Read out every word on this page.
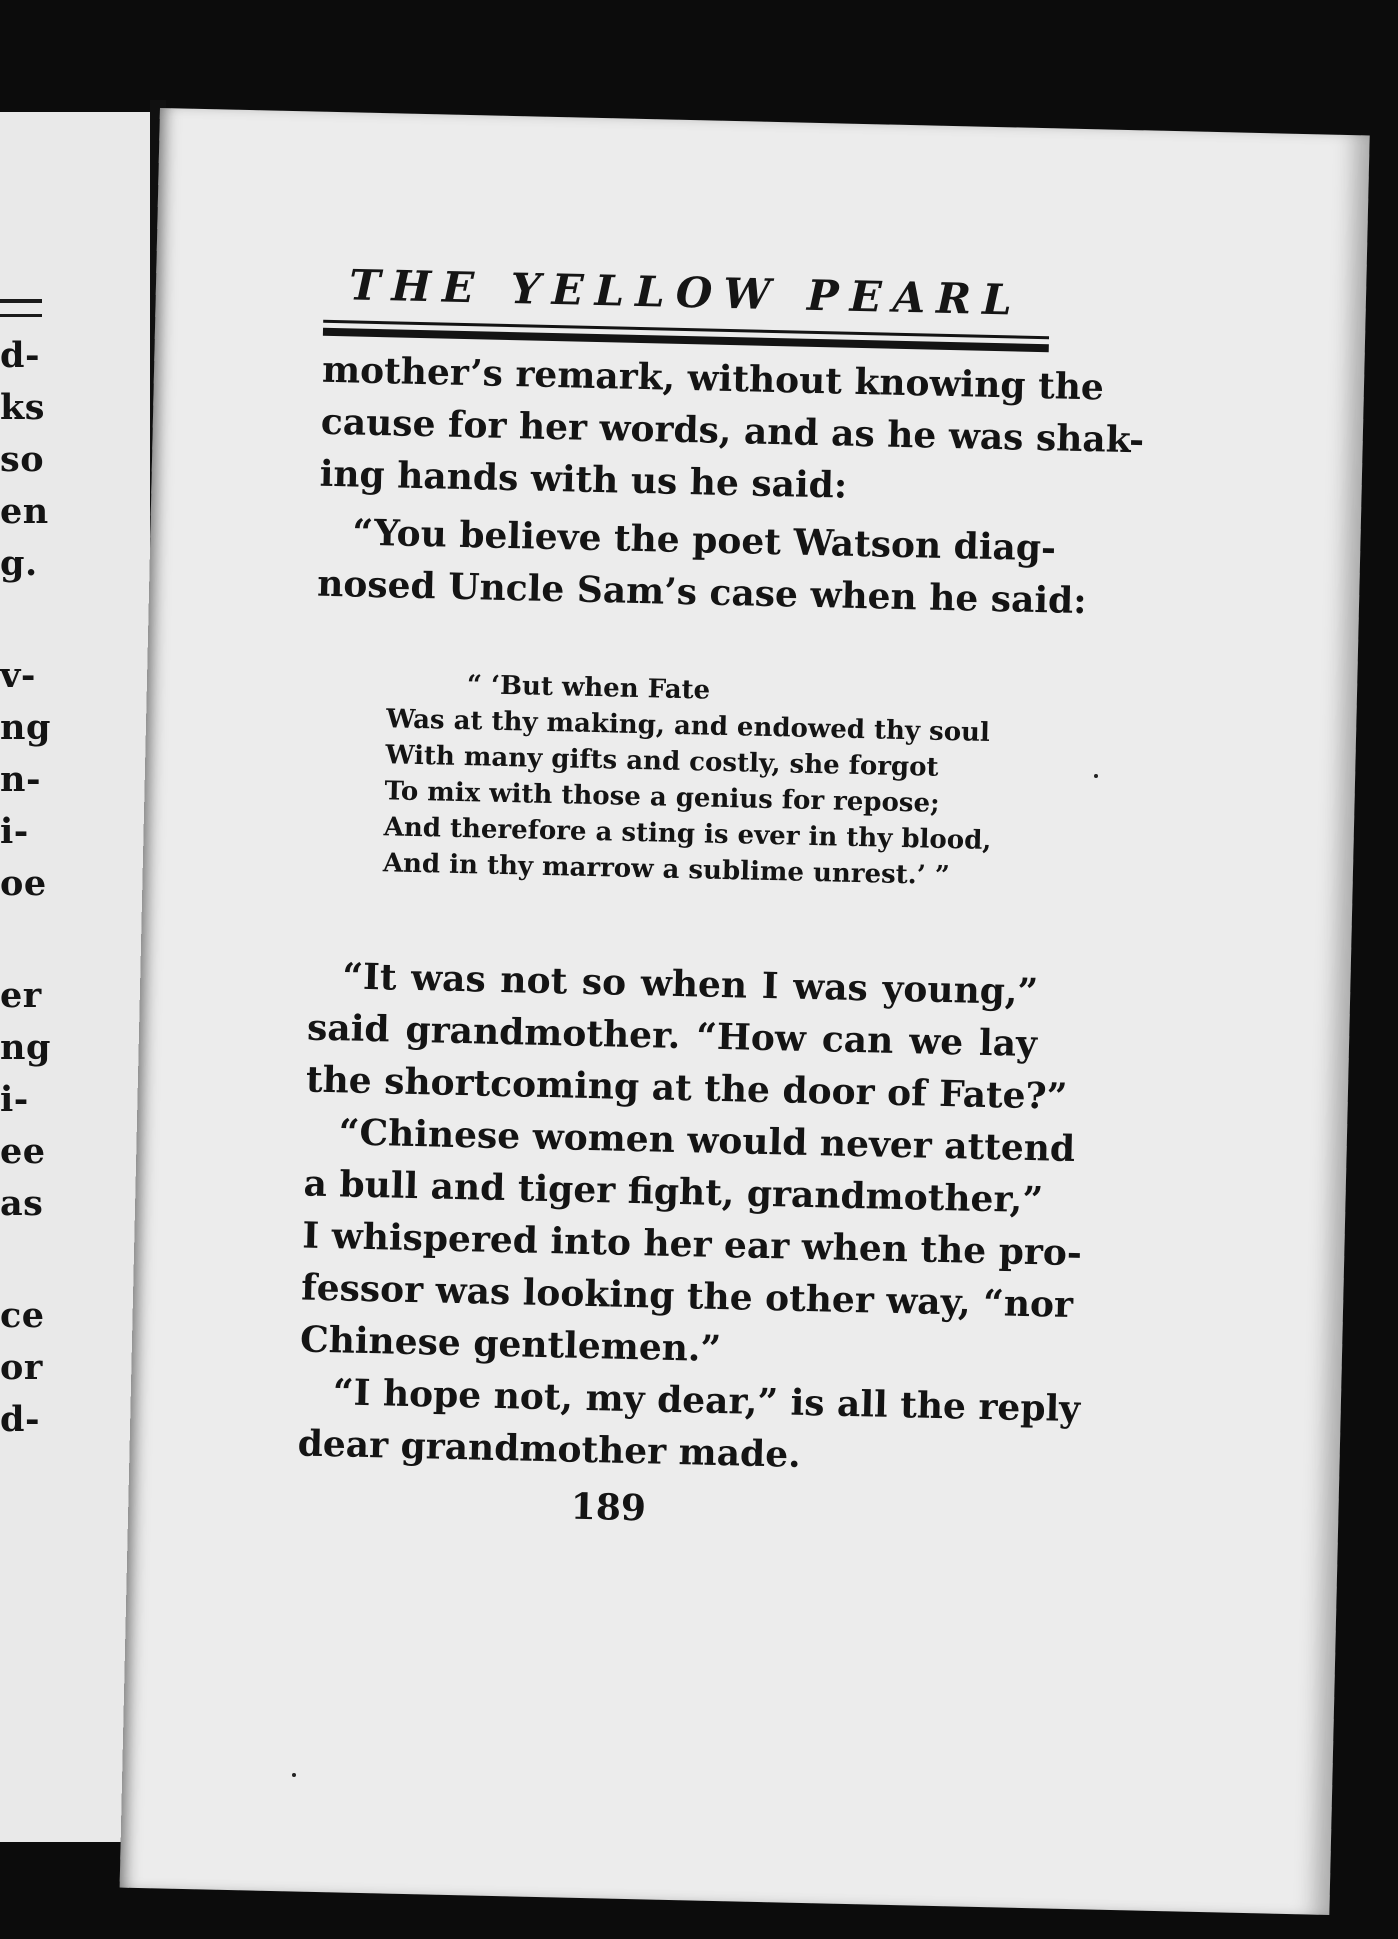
d-
ks
so
en
g.
v-
ng
n-
i-
oe
er
ng
i-
ee
as
ce
or
d-
THE YELLOW PEARL
mother’s remark, without knowing the
cause for her words, and as he was shak-
ing hands with us he said:
“You believe the poet Watson diag-
nosed Uncle Sam’s case when he said:
“ ‘But when Fate
Was at thy making, and endowed thy soul
With many gifts and costly, she forgot
To mix with those a genius for repose;
And therefore a sting is ever in thy blood,
And in thy marrow a sublime unrest.’ ”
“It was not so when I was young,”
said grandmother. “How can we lay
the shortcoming at the door of Fate?”
“Chinese women would never attend
a bull and tiger fight, grandmother,”
I whispered into her ear when the pro-
fessor was looking the other way, “nor
Chinese gentlemen.”
“I hope not, my dear,” is all the reply
dear grandmother made.
189
